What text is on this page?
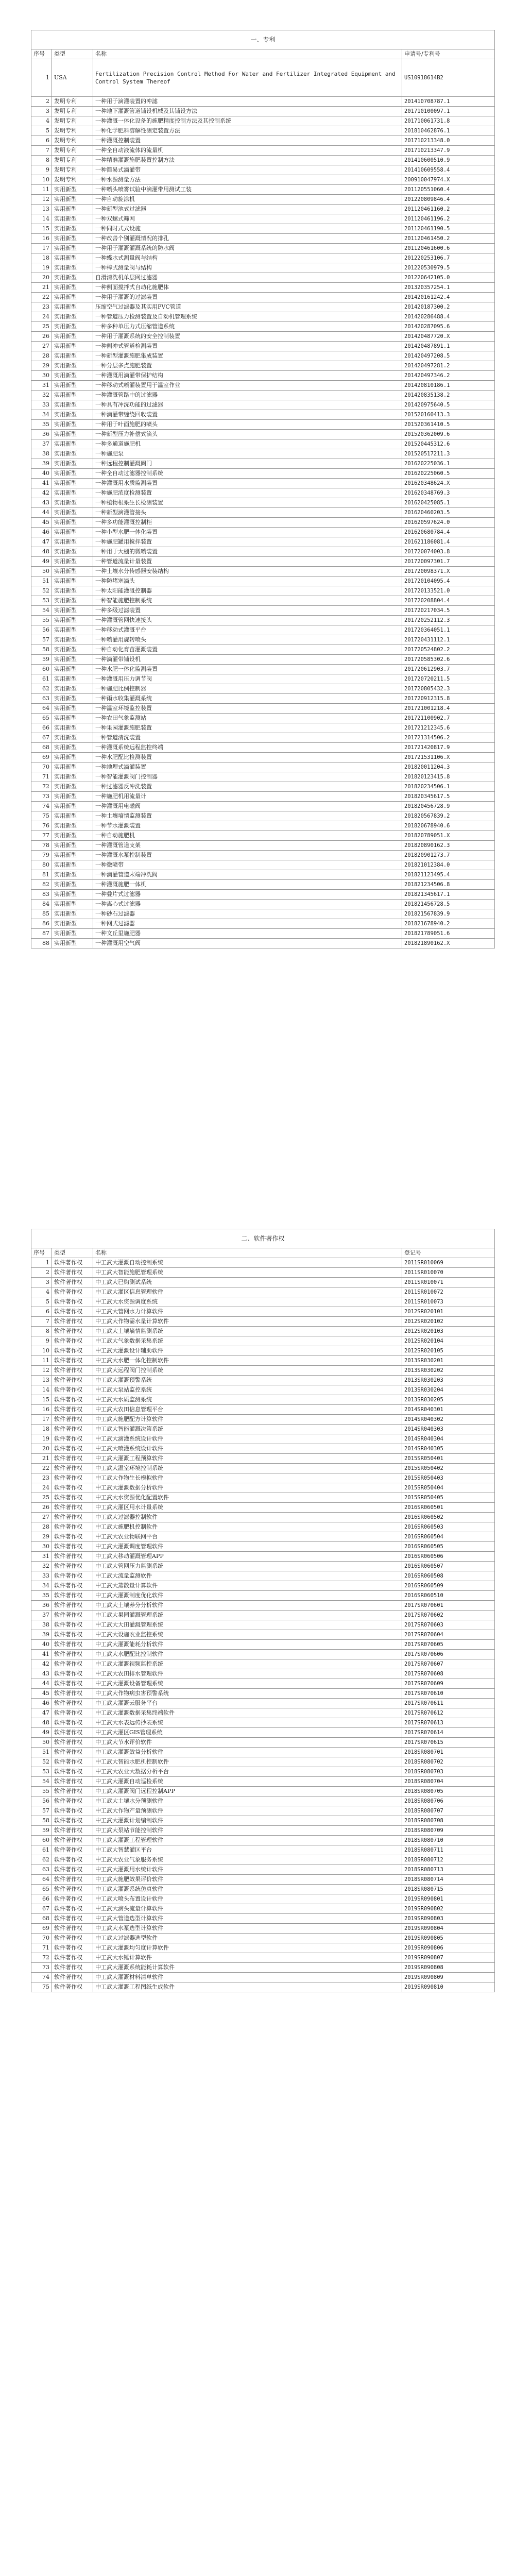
一、专利			
序号	类型	名称	申请号/专利号
1	USA	Fertilization Precision Control Method For Water and Fertilizer Integrated Equipment and Control System Thereof	US10918614B2
2	发明专利	一种用于滴灌装置的冲滤	201410708787.1
3	发明专利	一种地下灌溉管道铺设机械及其铺设方法	201710100097.1
4	发明专利	一种灌溉一体化设备的施肥精度控制方法及其控制系统	201710061731.8
5	发明专利	一种化学肥料溶解性测定装置方法	201810462876.1
6	发明专利	一种灌溉控制装置	201710213348.0
7	发明专利	一种全自动液流体的流量机	201710213347.9
8	发明专利	一种精准灌溉施肥装置控制方法	201410600510.9
9	发明专利	一种简易式滴灌带	201410609558.4
10	发明专利	一种水源测量方法	200910047974.X
11	实用新型	一种喷头喷雾试验中滴灌带用测试工装	201120551060.4
12	实用新型	一种自动旋涂机	201220809846.4
13	实用新型	一种新型池式过滤器	201120461160.2
14	实用新型	一种双螺式筛网	201120461196.2
15	实用新型	一种同时式式设施	201120461190.5
16	实用新型	一种改善个别灌溉情况的排孔	201120461450.2
17	实用新型	一种用于灌溉灌溉系统的防水阀	201120461600.6
18	实用新型	一种蝶水式测量阀与结构	201220253106.7
19	实用新型	一种棒式测量阀与结构	201220530979.5
20	实用新型	自滑清洗机单层网过滤器	201220642105.0
21	实用新型	一种侧面搅拌式自动化施肥体	201320357254.1
22	实用新型	一种用于灌溉的过滤装置	201420161242.4
23	实用新型	压缩空气过滤器及其实用PVC管道	201420187300.2
24	实用新型	一种管道压力检测装置及自动机管理系统	201420286488.4
25	实用新型	一种多种单压力式压缩管道系统	201420287095.6
26	实用新型	一种用于灌溉系统的安全控制装置	201420487720.X
27	实用新型	一种侧冲式管道检测装置	201420487891.1
28	实用新型	一种新型灌溉施肥集成装置	201420497208.5
29	实用新型	一种分层多点施肥装置	201420497281.2
30	实用新型	一种灌溉用滴灌带保护结构	201420497346.2
31	实用新型	一种移动式喷灌装置用于温室作业	201420810186.1
32	实用新型	一种灌溉管路中的过滤器	201420835138.2
33	实用新型	一种具有冲洗功能的过滤器	201420975640.5
34	实用新型	一种滴灌带缠绕回收装置	201520160413.3
35	实用新型	一种用于叶面施肥的喷头	201520361410.5
36	实用新型	一种新型压力补偿式滴头	201520362009.6
37	实用新型	一种多通道施肥机	201520445312.6
38	实用新型	一种施肥泵	201520517211.3
39	实用新型	一种远程控制灌溉阀门	201620225036.1
40	实用新型	一种全自动过滤器控制系统	201620225060.5
41	实用新型	一种灌溉用水质监测装置	201620348624.X
42	实用新型	一种施肥浓度检测装置	201620348769.3
43	实用新型	一种植物根系生长检测装置	201620425085.1
44	实用新型	一种新型滴灌管接头	201620460203.5
45	实用新型	一种多功能灌溉控制柜	201620597624.0
46	实用新型	一种小型水肥一体化装置	201620680784.4
47	实用新型	一种施肥罐用搅拌装置	201621186081.4
48	实用新型	一种用于大棚的微喷装置	201720074003.8
49	实用新型	一种管道流量计量装置	201720097301.7
50	实用新型	一种土壤水分传感器安装结构	201720098371.X
51	实用新型	一种防堵塞滴头	201720104095.4
52	实用新型	一种太阳能灌溉控制器	201720133521.0
53	实用新型	一种智能施肥控制系统	201720208804.4
54	实用新型	一种多级过滤装置	201720217034.5
55	实用新型	一种灌溉管网快速接头	201720252112.3
56	实用新型	一种移动式灌溉平台	201720364051.1
57	实用新型	一种喷灌用旋转喷头	201720431112.1
58	实用新型	一种自动化育苗灌溉装置	201720524802.2
59	实用新型	一种滴灌带铺设机	201720585302.6
60	实用新型	一种水肥一体化监测装置	201720612903.7
61	实用新型	一种灌溉用压力调节阀	201720720211.5
62	实用新型	一种施肥比例控制器	201720805432.3
63	实用新型	一种雨水收集灌溉系统	201720912315.8
64	实用新型	一种温室环境监控装置	201721001218.4
65	实用新型	一种农田气象监测站	201721100902.7
66	实用新型	一种果园灌溉施肥装置	201721212345.6
67	实用新型	一种管道清洗装置	201721314506.2
68	实用新型	一种灌溉系统远程监控终端	201721420817.9
69	实用新型	一种水肥配比检测装置	201721531106.X
70	实用新型	一种地埋式滴灌装置	201820011204.3
71	实用新型	一种智能灌溉阀门控制器	201820123415.8
72	实用新型	一种过滤器反冲洗装置	201820234506.1
73	实用新型	一种施肥机用流量计	201820345617.5
74	实用新型	一种灌溉用电磁阀	201820456728.9
75	实用新型	一种土壤墒情监测装置	201820567839.2
76	实用新型	一种节水灌溉装置	201820678940.6
77	实用新型	一种自动施肥机	201820789051.X
78	实用新型	一种灌溉管道支架	201820890162.3
79	实用新型	一种灌溉水泵控制装置	201820901273.7
80	实用新型	一种微喷带	201821012384.0
81	实用新型	一种滴灌管道末端冲洗阀	201821123495.4
82	实用新型	一种灌溉施肥一体机	201821234506.8
83	实用新型	一种叠片式过滤器	201821345617.1
84	实用新型	一种离心式过滤器	201821456728.5
85	实用新型	一种砂石过滤器	201821567839.9
86	实用新型	一种网式过滤器	201821678940.2
87	实用新型	一种文丘里施肥器	201821789051.6
88	实用新型	一种灌溉用空气阀	201821890162.X
二、软件著作权			
序号	类型	名称	登记号
1	软件著作权	中工武大灌溉自动控制系统	2011SR010069
2	软件著作权	中工武大智能施肥管理系统	2011SR010070
3	软件著作权	中工武大已购测试系统	2011SR010071
4	软件著作权	中工武大灌区信息管理软件	2011SR010072
5	软件著作权	中工武大水资源调度系统	2011SR010073
6	软件著作权	中工武大管网水力计算软件	2012SR020101
7	软件著作权	中工武大作物需水量计算软件	2012SR020102
8	软件著作权	中工武大土壤墒情监测系统	2012SR020103
9	软件著作权	中工武大气象数据采集系统	2012SR020104
10	软件著作权	中工武大灌溉设计辅助软件	2012SR020105
11	软件著作权	中工武大水肥一体化控制软件	2013SR030201
12	软件著作权	中工武大远程阀门控制系统	2013SR030202
13	软件著作权	中工武大灌溉预警系统	2013SR030203
14	软件著作权	中工武大泵站监控系统	2013SR030204
15	软件著作权	中工武大水质监测系统	2013SR030205
16	软件著作权	中工武大农田信息管理平台	2014SR040301
17	软件著作权	中工武大施肥配方计算软件	2014SR040302
18	软件著作权	中工武大智能灌溉决策系统	2014SR040303
19	软件著作权	中工武大滴灌系统设计软件	2014SR040304
20	软件著作权	中工武大喷灌系统设计软件	2014SR040305
21	软件著作权	中工武大灌溉工程预算软件	2015SR050401
22	软件著作权	中工武大温室环境控制系统	2015SR050402
23	软件著作权	中工武大作物生长模拟软件	2015SR050403
24	软件著作权	中工武大灌溉数据分析软件	2015SR050404
25	软件著作权	中工武大水资源优化配置软件	2015SR050405
26	软件著作权	中工武大灌区用水计量系统	2016SR060501
27	软件著作权	中工武大过滤器控制软件	2016SR060502
28	软件著作权	中工武大施肥机控制软件	2016SR060503
29	软件著作权	中工武大农业物联网平台	2016SR060504
30	软件著作权	中工武大灌溉调度管理软件	2016SR060505
31	软件著作权	中工武大移动灌溉管理APP	2016SR060506
32	软件著作权	中工武大管网压力监测系统	2016SR060507
33	软件著作权	中工武大流量监测软件	2016SR060508
34	软件著作权	中工武大蒸散量计算软件	2016SR060509
35	软件著作权	中工武大灌溉制度优化软件	2016SR060510
36	软件著作权	中工武大土壤养分分析软件	2017SR070601
37	软件著作权	中工武大果园灌溉管理系统	2017SR070602
38	软件著作权	中工武大大田灌溉管理系统	2017SR070603
39	软件著作权	中工武大设施农业监控系统	2017SR070604
40	软件著作权	中工武大灌溉能耗分析软件	2017SR070605
41	软件著作权	中工武大水肥配比控制软件	2017SR070606
42	软件著作权	中工武大灌溉视频监控系统	2017SR070607
43	软件著作权	中工武大农田排水管理软件	2017SR070608
44	软件著作权	中工武大灌溉设备管理系统	2017SR070609
45	软件著作权	中工武大作物病虫害预警系统	2017SR070610
46	软件著作权	中工武大灌溉云服务平台	2017SR070611
47	软件著作权	中工武大灌溉数据采集终端软件	2017SR070612
48	软件著作权	中工武大水表远传抄表系统	2017SR070613
49	软件著作权	中工武大灌区GIS管理系统	2017SR070614
50	软件著作权	中工武大节水评价软件	2017SR070615
51	软件著作权	中工武大灌溉效益分析软件	2018SR080701
52	软件著作权	中工武大智能水肥机控制软件	2018SR080702
53	软件著作权	中工武大农业大数据分析平台	2018SR080703
54	软件著作权	中工武大灌溉自动巡检系统	2018SR080704
55	软件著作权	中工武大灌溉阀门远程控制APP	2018SR080705
56	软件著作权	中工武大土壤水分预测软件	2018SR080706
57	软件著作权	中工武大作物产量预测软件	2018SR080707
58	软件著作权	中工武大灌溉计划编制软件	2018SR080708
59	软件著作权	中工武大泵站节能控制软件	2018SR080709
60	软件著作权	中工武大灌溉工程管理软件	2018SR080710
61	软件著作权	中工武大智慧灌区平台	2018SR080711
62	软件著作权	中工武大农业气象服务系统	2018SR080712
63	软件著作权	中工武大灌溉用水统计软件	2018SR080713
64	软件著作权	中工武大施肥效果评价软件	2018SR080714
65	软件著作权	中工武大灌溉系统仿真软件	2018SR080715
66	软件著作权	中工武大喷头布置设计软件	2019SR090801
67	软件著作权	中工武大滴头流量计算软件	2019SR090802
68	软件著作权	中工武大管道选型计算软件	2019SR090803
69	软件著作权	中工武大水泵选型计算软件	2019SR090804
70	软件著作权	中工武大过滤器选型软件	2019SR090805
71	软件著作权	中工武大灌溉均匀度计算软件	2019SR090806
72	软件著作权	中工武大水锤计算软件	2019SR090807
73	软件著作权	中工武大灌溉系统能耗计算软件	2019SR090808
74	软件著作权	中工武大灌溉材料清单软件	2019SR090809
75	软件著作权	中工武大灌溉工程图纸生成软件	2019SR090810
